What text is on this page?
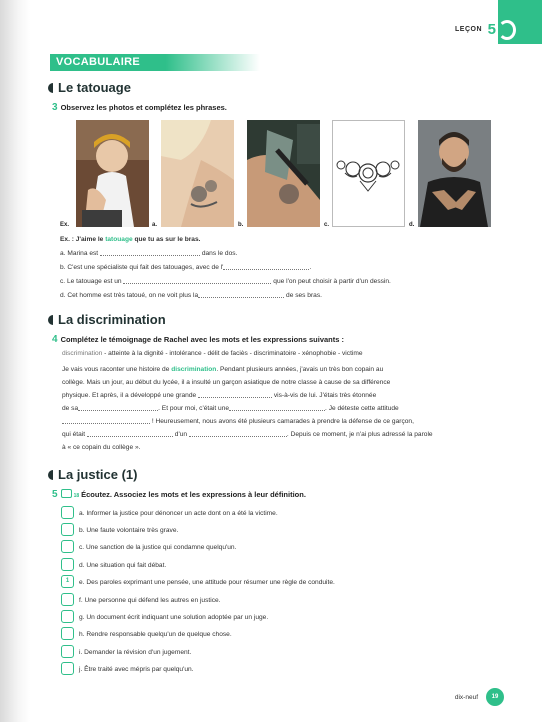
LEÇON 5
VOCABULAIRE
Le tatouage
3 Observez les photos et complétez les phrases.
Ex.	a.	b.	c.	d.
Ex. : J'aime le tatouage que tu as sur le bras.
a. Marina est	dans le dos.
b. C'est une spécialiste qui fait des tatouages, avec de l'	.
c. Le tatouage est un	que l'on peut choisir à partir d'un dessin.
d. Cet homme est très tatoué, on ne voit plus la	de ses bras.
La discrimination
4 Complétez le témoignage de Rachel avec les mots et les expressions suivants :
discrimination - atteinte à la dignité - intolérance - délit de faciès - discriminatoire - xénophobie - victime
Je vais vous raconter une histoire de discrimination. Pendant plusieurs années, j'avais un très bon copain au
collège. Mais un jour, au début du lycée, il a insulté un garçon asiatique de notre classe à cause de sa différence
physique. Et après, il a développé une grande	vis-à-vis de lui. J'étais très étonnée
de sa	. Et pour moi, c'était une	. Je déteste cette attitude
! Heureusement, nous avons été plusieurs camarades à prendre la défense de ce garçon,
qui était	d'un	. Depuis ce moment, je n'ai plus adressé la parole
à « ce copain du collège ».
La justice (1)
5	18 Écoutez. Associez les mots et les expressions à leur définition.
a. Informer la justice pour dénoncer un acte dont on a été la victime.
b. Une faute volontaire très grave.
c. Une sanction de la justice qui condamne quelqu'un.
d. Une situation qui fait débat.
1	e. Des paroles exprimant une pensée, une attitude pour résumer une règle de conduite.
f. Une personne qui défend les autres en justice.
g. Un document écrit indiquant une solution adoptée par un juge.
h. Rendre responsable quelqu'un de quelque chose.
i. Demander la révision d'un jugement.
j. Être traité avec mépris par quelqu'un.
dix-neuf	19
